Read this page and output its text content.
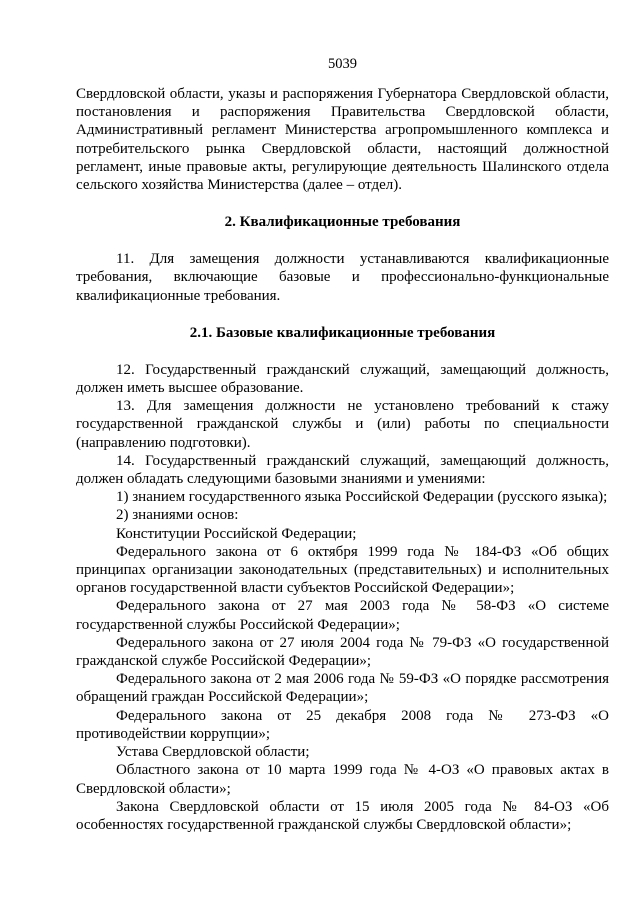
5039

Свердловской области, указы и распоряжения Губернатора Свердловской области, постановления и распоряжения Правительства Свердловской области, Административный регламент Министерства агропромышленного комплекса и потребительского рынка Свердловской области, настоящий должностной регламент, иные правовые акты, регулирующие деятельность Шалинского отдела сельского хозяйства Министерства (далее – отдел).

2. Квалификационные требования

11. Для замещения должности устанавливаются квалификационные требования, включающие базовые и профессионально-функциональные квалификационные требования.

2.1. Базовые квалификационные требования

12. Государственный гражданский служащий, замещающий должность, должен иметь высшее образование.

13. Для замещения должности не установлено требований к стажу государственной гражданской службы и (или) работы по специальности (направлению подготовки).

14. Государственный гражданский служащий, замещающий должность, должен обладать следующими базовыми знаниями и умениями:

1) знанием государственного языка Российской Федерации (русского языка);

2) знаниями основ:

Конституции Российской Федерации;

Федерального закона от 6 октября 1999 года № 184-ФЗ «Об общих принципах организации законодательных (представительных) и исполнительных органов государственной власти субъектов Российской Федерации»;

Федерального закона от 27 мая 2003 года № 58-ФЗ «О системе государственной службы Российской Федерации»;

Федерального закона от 27 июля 2004 года № 79-ФЗ «О государственной гражданской службе Российской Федерации»;

Федерального закона от 2 мая 2006 года № 59-ФЗ «О порядке рассмотрения обращений граждан Российской Федерации»;

Федерального закона от 25 декабря 2008 года № 273-ФЗ «О противодействии коррупции»;

Устава Свердловской области;

Областного закона от 10 марта 1999 года № 4-ОЗ «О правовых актах в Свердловской области»;

Закона Свердловской области от 15 июля 2005 года № 84-ОЗ «Об особенностях государственной гражданской службы Свердловской области»;
